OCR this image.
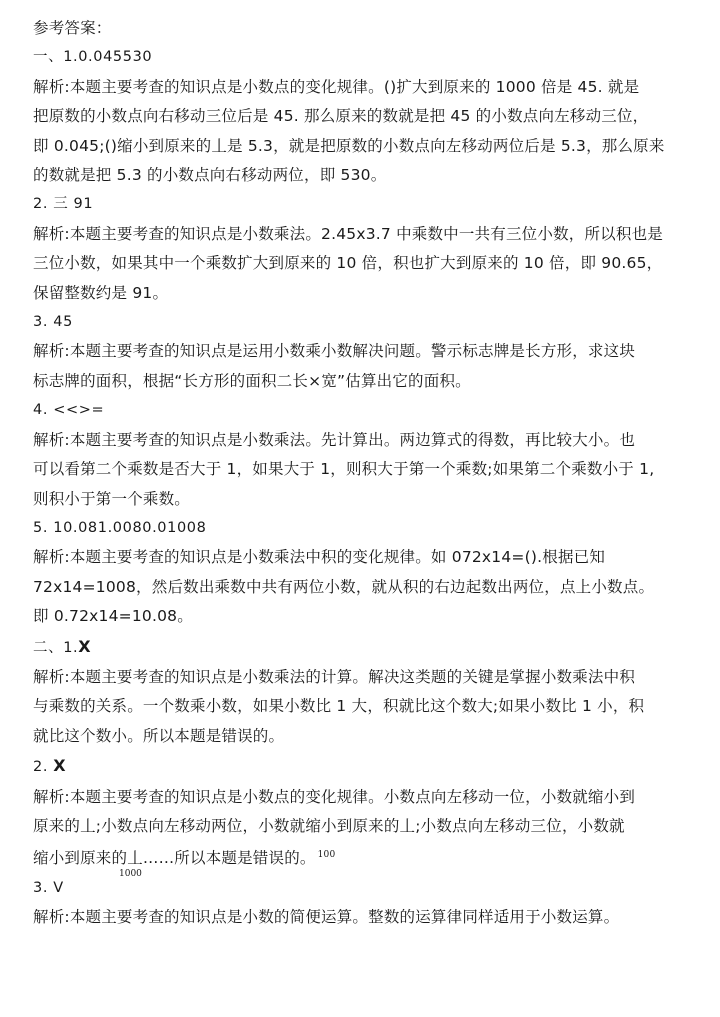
参考答案：
一、1.0.045530
解析:本题主要考查的知识点是小数点的变化规律。()扩大到原来的 1000 倍是 45. 就是
把原数的小数点向右移动三位后是 45. 那么原来的数就是把 45 的小数点向左移动三位，
即 0.045;()缩小到原来的丄是 5.3，就是把原数的小数点向左移动两位后是 5.3，那么原来
的数就是把 5.3 的小数点向右移动两位，即 530。
2. 三 91
解析:本题主要考查的知识点是小数乘法。2.45x3.7 中乘数中一共有三位小数，所以积也是
三位小数，如果其中一个乘数扩大到原来的 10 倍，积也扩大到原来的 10 倍，即 90.65，
保留整数约是 91。
3. 45
解析:本题主要考查的知识点是运用小数乘小数解决问题。警示标志牌是长方形，求这块
标志牌的面积，根据“长方形的面积二长×宽”估算出它的面积。
4. <<>=
解析:本题主要考查的知识点是小数乘法。先计算出。两边算式的得数，再比较大小。也
可以看第二个乘数是否大于 1，如果大于 1，则积大于第一个乘数;如果第二个乘数小于 1,
则积小于第一个乘数。
5. 10.081.0080.01008
解析:本题主要考查的知识点是小数乘法中积的变化规律。如 072x14=().根据已知
72x14=1008，然后数出乘数中共有两位小数，就从积的右边起数出两位，点上小数点。
即 0.72x14=10.08。
二、1.X
解析:本题主要考查的知识点是小数乘法的计算。解决这类题的关键是掌握小数乘法中积
与乘数的关系。一个数乘小数，如果小数比 1 大，积就比这个数大;如果小数比 1 小，积
就比这个数小。所以本题是错误的。
2. X
解析:本题主要考查的知识点是小数点的变化规律。小数点向左移动一位，小数就缩小到
原来的丄;小数点向左移动两位，小数就缩小到原来的丄;小数点向左移动三位，小数就
缩小到原来的丄……所以本题是错误的。 $^{100}$
1000
3. V
解析:本题主要考查的知识点是小数的简便运算。整数的运算律同样适用于小数运算。
